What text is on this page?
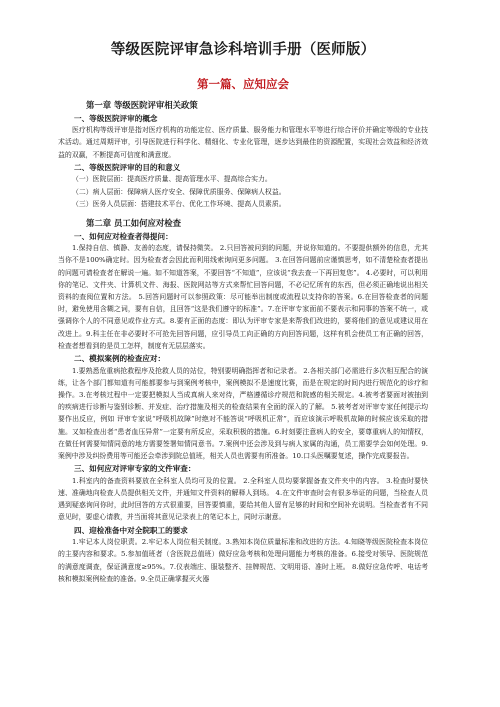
等级医院评审急诊科培训手册（医师版）
第一篇、应知应会
第一章 等级医院评审相关政策
一、等级医院评审的概念

医疗机构等级评审是指对医疗机构的功能定位、医疗质量、服务能力和管理水平等进行综合评价并确定等级的专业技术活动。通过周期评审，引导医院进行科学化、精细化、专业化管理，逐步达到最佳的资源配置，实现社会效益和经济效益的双赢，不断提高可信度和满意度。

二、等级医院评审的目的和意义
（一）医院层面：提高医疗质量、提高管理水平、提高综合实力。
（二）病人层面：保障病人医疗安全、保障优质服务、保障病人权益。
（三）医务人员层面：搭建技术平台、优化工作环境、提高人员素质。
第二章 员工如何应对检查
一、如何应对检查者得提问：

1.保持自信、镇静、友善的态度，请保持微笑。 2.只回答被问到的问题，并说你知道的。不要提供额外的信息，尤其当你不是100%确定时。因为检查者会因此而利用线索询问更多问题。 3.在回答问题前应谨慎思考，如不清楚检查者提出的问题可请检查者在解说一遍。如不知道答案，不要回答“不知道”，应该说“我去查一下再回复您”。 4.必要时，可以利用你的笔记、文件夹、计算机文件、海报、医院网站等方式来帮忙回答问题，不必记忆所有的东西，但必须正确地说出相关资料的查阅位置和方法。 5.回答问题时可以参照政策：尽可能举出制度或流程以支持你的答案。6.在回答检查者的问题时，避免使用含糊之词，要有自信，且回答“这是我们遵守的标准”。7.在评审专家面前不要表示和同事的答案不统一，或强调你个人的不同意见或作业方式。8.要有正面的态度：即认为评审专家是来帮我们改进的，要将他们的意见或建议用在改进上。9.科主任在非必要时不可抢先回答问题，应引导员工向正确的方向回答问题，这样有机会使员工有正确的回答，检查者想看到的是员工怎样，制度有无层层落实。

二、模拟案例的检查应对：

1.要熟悉危重病抢救程序及抢救人员的站位，特别要明确指挥者和记录者。 2.各相关部门必需进行多次相互配合的演练，让各个部门都知道有可能都要参与到案例考核中，案例模拟不是速度比赛，而是在规定的时间内进行规范化的诊疗和操作。3.在考核过程中一定要把模拟人当成真病人来对待，严格遵循诊疗规范和院感的相关规定。4.被考者要面对被抽到的疾病进行诊断与鉴别诊断、并发症、治疗措施及相关的检查结果有全面的深入的了解。 5.被考者对评审专家任何提示均要作出反应，例如 评审专家说“呼吸机故障”时绝对不能答说“呼吸机正常”，而应该演示呼吸机故障的时候应该采取的措施。又如检查出者“患者血压异常”一定要有所反应，采取积极的措施。6.时刻要注意病人的安全，要尊重病人的知情权，在做任何需要知情同意的地方需要签署知情同意书。7.案例中还会涉及到与病人家属的沟通，员工需要学会如何处理。9.案例中涉及纠纷费用等可能还会牵涉到院总值班，相关人员也需要有所准备。10.口头医嘱要复述，操作完成要报告。

三、如何应对评审专家的文件审查：

1.科室内的备查资料要放在全科室人员均可及的位置。 2.全科室人员均要掌握备查文件夹中的内容。 3.检查时要快速、准确地向检查人员提供相关文件，并通知文件资料的解释人到场。 4.在文件审查时会有很多举证的问题，当检查人员遇到疑惑询问你时，此时回答的方式很重要，回答要慎重，要给其他人留有足够的时间和空间补充说明。当检查者有不同意见时，要虚心请教，并当面将其意见记录表上的笔记本上，同时示谢意。

四、迎检准备中对全院职工的要求

1.牢记本人岗位职责。2.牢记本人岗位相关制度。3.熟知本岗位质量标准和改进的方法。4.知晓等级医院检查本岗位的主要内容和要求。5.参加值班者（含医院总值班）做好应急考核和处理问题能力考核的准备。6.接受对领导、医院规范的满意度调查，保证满意度≥95%。7.仪表端庄、服装整齐、挂牌规范、文明用语、准时上班。 8.做好应急传呼、电话考核和模拟案例检查的准备。9.全员正确掌握灭火器
